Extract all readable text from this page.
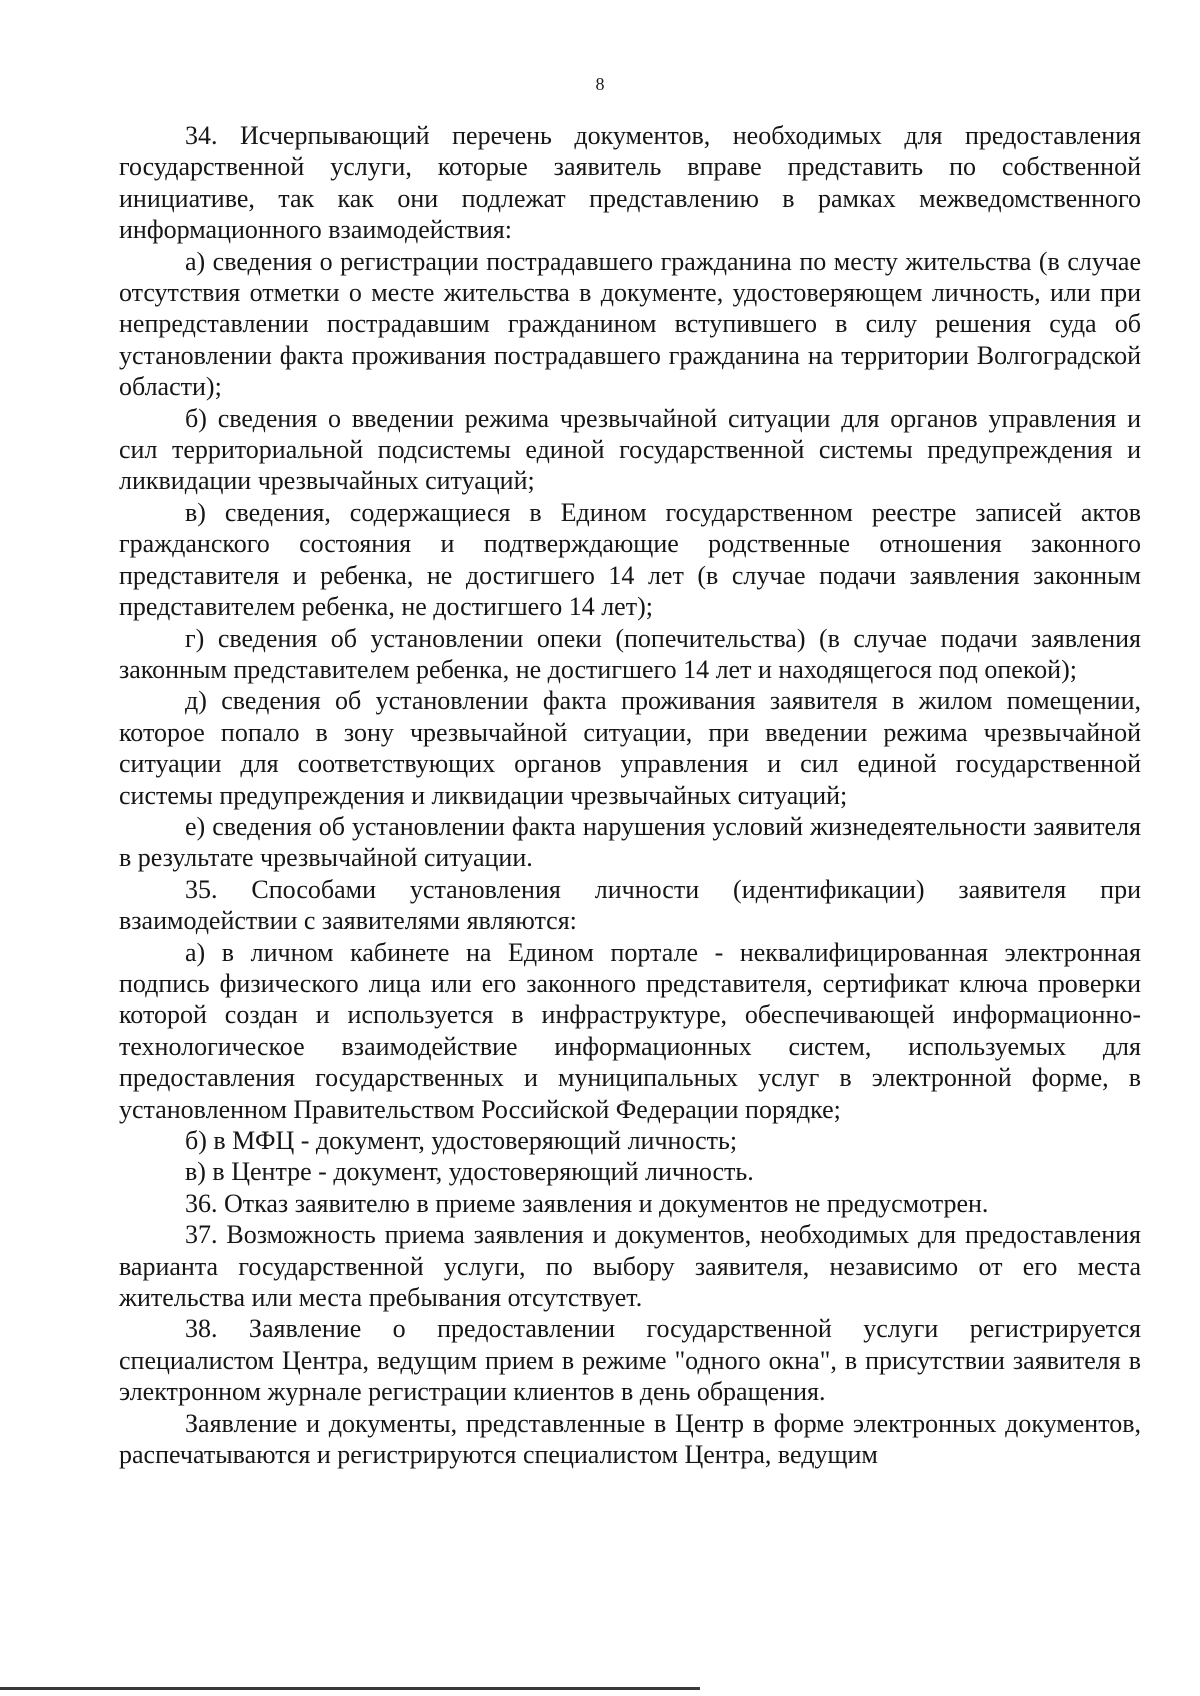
8

34. Исчерпывающий перечень документов, необходимых для предоставления государственной услуги, которые заявитель вправе представить по собственной инициативе, так как они подлежат представлению в рамках межведомственного информационного взаимодействия:

а) сведения о регистрации пострадавшего гражданина по месту жительства (в случае отсутствия отметки о месте жительства в документе, удостоверяющем личность, или при непредставлении пострадавшим гражданином вступившего в силу решения суда об установлении факта проживания пострадавшего гражданина на территории Волгоградской области);

б) сведения о введении режима чрезвычайной ситуации для органов управления и сил территориальной подсистемы единой государственной системы предупреждения и ликвидации чрезвычайных ситуаций;

в) сведения, содержащиеся в Едином государственном реестре записей актов гражданского состояния и подтверждающие родственные отношения законного представителя и ребенка, не достигшего 14 лет (в случае подачи заявления законным представителем ребенка, не достигшего 14 лет);

г) сведения об установлении опеки (попечительства) (в случае подачи заявления законным представителем ребенка, не достигшего 14 лет и находящегося под опекой);

д) сведения об установлении факта проживания заявителя в жилом помещении, которое попало в зону чрезвычайной ситуации, при введении режима чрезвычайной ситуации для соответствующих органов управления и сил единой государственной системы предупреждения и ликвидации чрезвычайных ситуаций;

е) сведения об установлении факта нарушения условий жизнедеятельности заявителя в результате чрезвычайной ситуации.

35. Способами установления личности (идентификации) заявителя при взаимодействии с заявителями являются:

а) в личном кабинете на Едином портале - неквалифицированная электронная подпись физического лица или его законного представителя, сертификат ключа проверки которой создан и используется в инфраструктуре, обеспечивающей информационно-технологическое взаимодействие информационных систем, используемых для предоставления государственных и муниципальных услуг в электронной форме, в установленном Правительством Российской Федерации порядке;

б) в МФЦ - документ, удостоверяющий личность;

в) в Центре - документ, удостоверяющий личность.

36. Отказ заявителю в приеме заявления и документов не предусмотрен.

37. Возможность приема заявления и документов, необходимых для предоставления варианта государственной услуги, по выбору заявителя, независимо от его места жительства или места пребывания отсутствует.

38. Заявление о предоставлении государственной услуги регистрируется специалистом Центра, ведущим прием в режиме "одного окна", в присутствии заявителя в электронном журнале регистрации клиентов в день обращения.

Заявление и документы, представленные в Центр в форме электронных документов, распечатываются и регистрируются специалистом Центра, ведущим
